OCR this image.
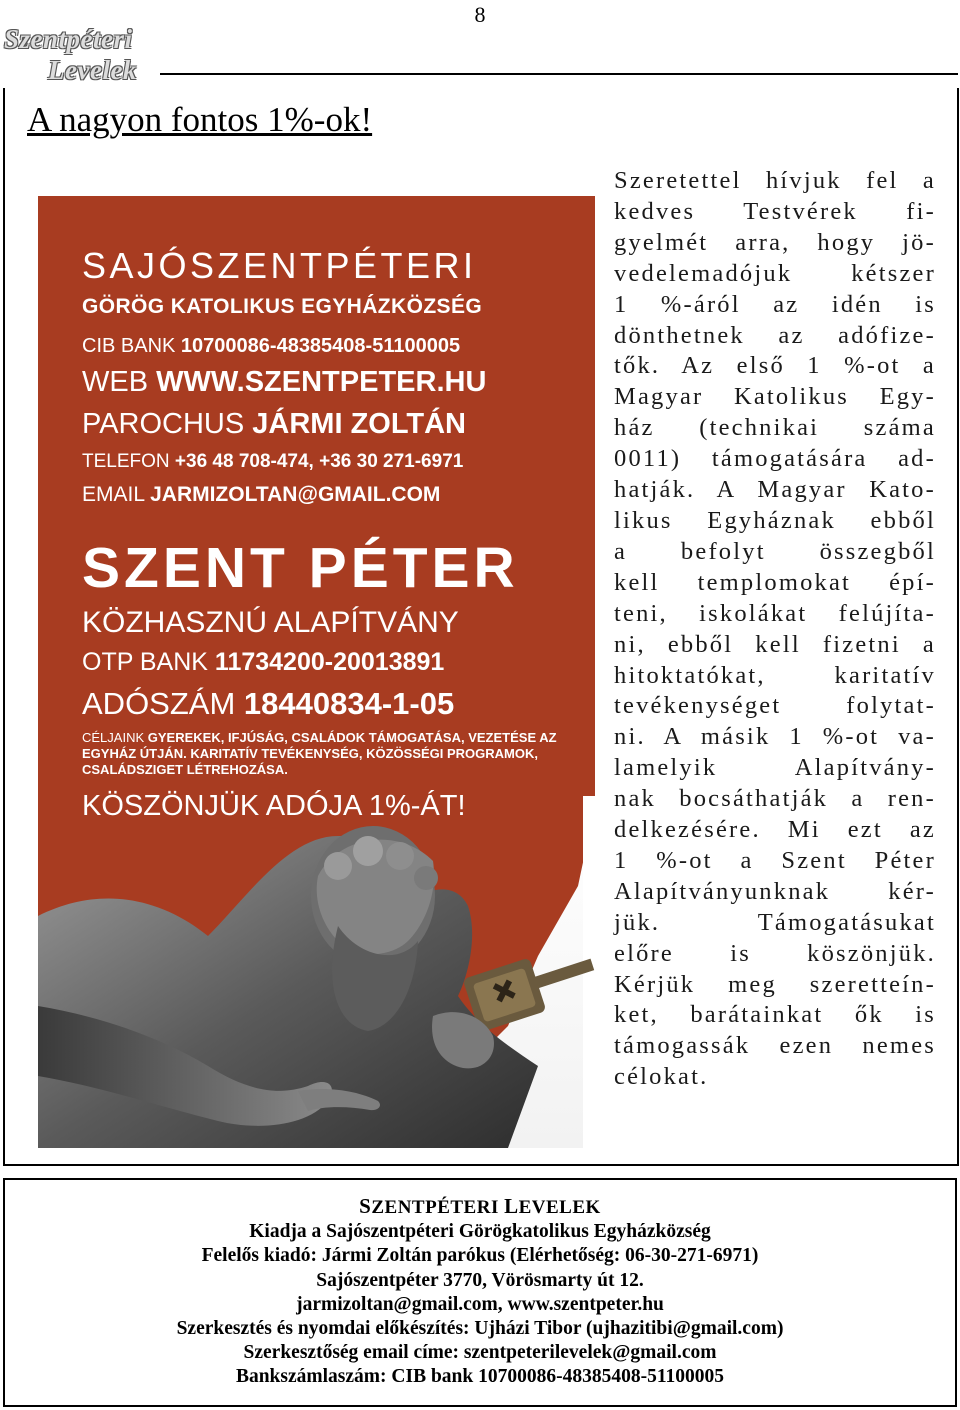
8
Szentpéteri
Levelek
A nagyon fontos 1%-ok!
SAJÓSZENTPÉTERI
GÖRÖG KATOLIKUS EGYHÁZKÖZSÉG
CIB BANK 10700086-48385408-51100005
WEB WWW.SZENTPETER.HU
PAROCHUS JÁRMI ZOLTÁN
TELEFON +36 48 708-474, +36 30 271-6971
EMAIL JARMIZOLTAN@GMAIL.COM
SZENT PÉTER
KÖZHASZNÚ ALAPÍTVÁNY
OTP BANK 11734200-20013891
ADÓSZÁM 18440834-1-05
CÉLJAINK GYEREKEK, IFJÚSÁG, CSALÁDOK TÁMOGATÁSA, VEZETÉSE AZ EGYHÁZ ÚTJÁN. KARITATÍV TEVÉKENYSÉG, KÖZÖSSÉGI PROGRAMOK, CSALÁDSZIGET LÉTREHOZÁSA.
KÖSZÖNJÜK ADÓJA 1%-ÁT!
Szeretettel hívjuk fel a
kedves Testvérek fi-
gyelmét arra, hogy jö-
vedelemadójuk kétszer
1 %-áról az idén is
dönthetnek az adófize-
tők. Az első 1 %-ot a
Magyar Katolikus Egy-
ház (technikai száma
0011) támogatására ad-
hatják. A Magyar Kato-
likus Egyháznak ebből
a befolyt összegből
kell templomokat épí-
teni, iskolákat felújíta-
ni, ebből kell fizetni a
hitoktatókat, karitatív
tevékenységet folytat-
ni. A másik 1 %-ot va-
lamelyik Alapítvány-
nak bocsáthatják a ren-
delkezésére. Mi ezt az
1 %-ot a Szent Péter
Alapítványunknak kér-
jük. Támogatásukat
előre is köszönjük.
Kérjük meg szeretteín-
ket, barátainkat ők is
támogassák ezen nemes
célokat.
SZENTPÉTERI LEVELEK
Kiadja a Sajószentpéteri Görögkatolikus Egyházközség
Felelős kiadó: Jármi Zoltán parókus (Elérhetőség: 06-30-271-6971)
Sajószentpéter 3770, Vörösmarty út 12.
jarmizoltan@gmail.com, www.szentpeter.hu
Szerkesztés és nyomdai előkészítés: Ujházi Tibor (ujhazitibi@gmail.com)
Szerkesztőség email címe: szentpeterilevelek@gmail.com
Bankszámlaszám: CIB bank 10700086-48385408-51100005
